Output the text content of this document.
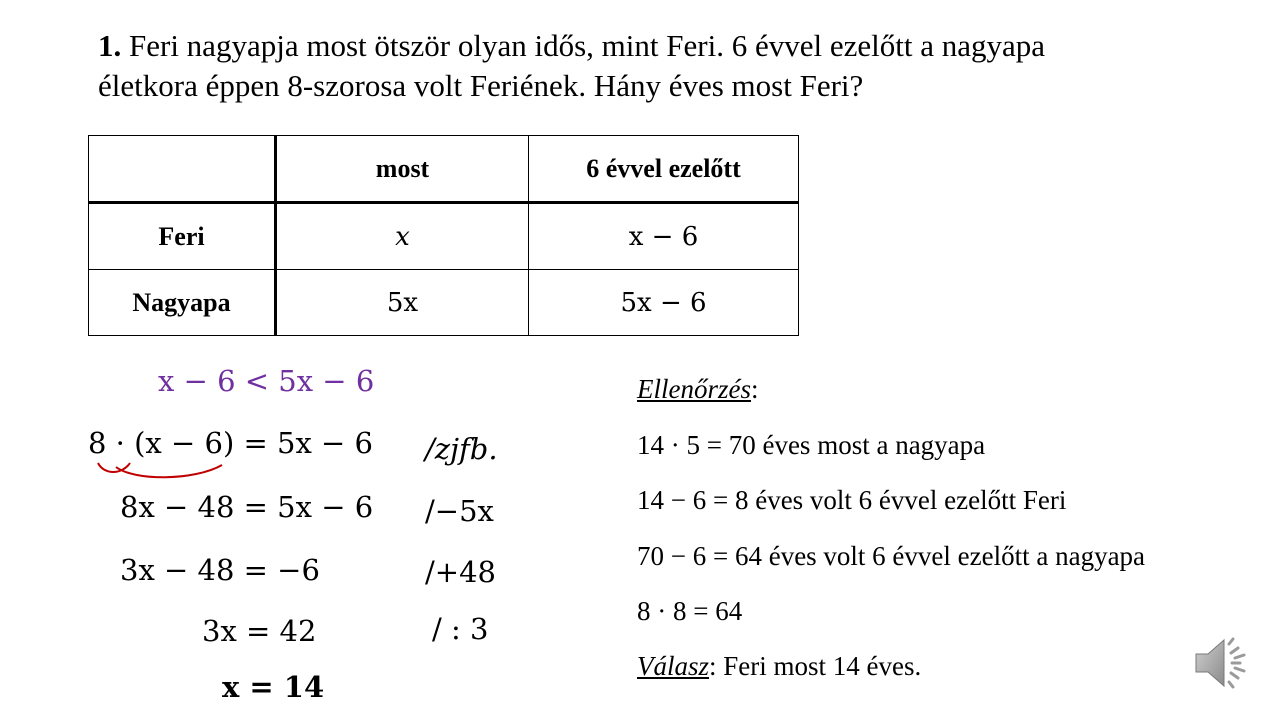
1. Feri nagyapja most ötször olyan idős, mint Feri. 6 évvel ezelőtt a nagyapa
életkora éppen 8-szorosa volt Feriének. Hány éves most Feri?
	most	6 évvel ezelőtt
Feri	x	x − 6
Nagyapa	5x	5x − 6
x − 6 < 5x − 6
8 · (x − 6) = 5x − 6 /zjfb.
8x − 48 = 5x − 6 /−5x
3x − 48 = −6	/+48
3x = 42	/ : 3
x = 14
Ellenőrzés:
14 · 5 = 70 éves most a nagyapa
14 − 6 = 8 éves volt 6 évvel ezelőtt Feri
70 − 6 = 64 éves volt 6 évvel ezelőtt a nagyapa
8 · 8 = 64
Válasz: Feri most 14 éves.
